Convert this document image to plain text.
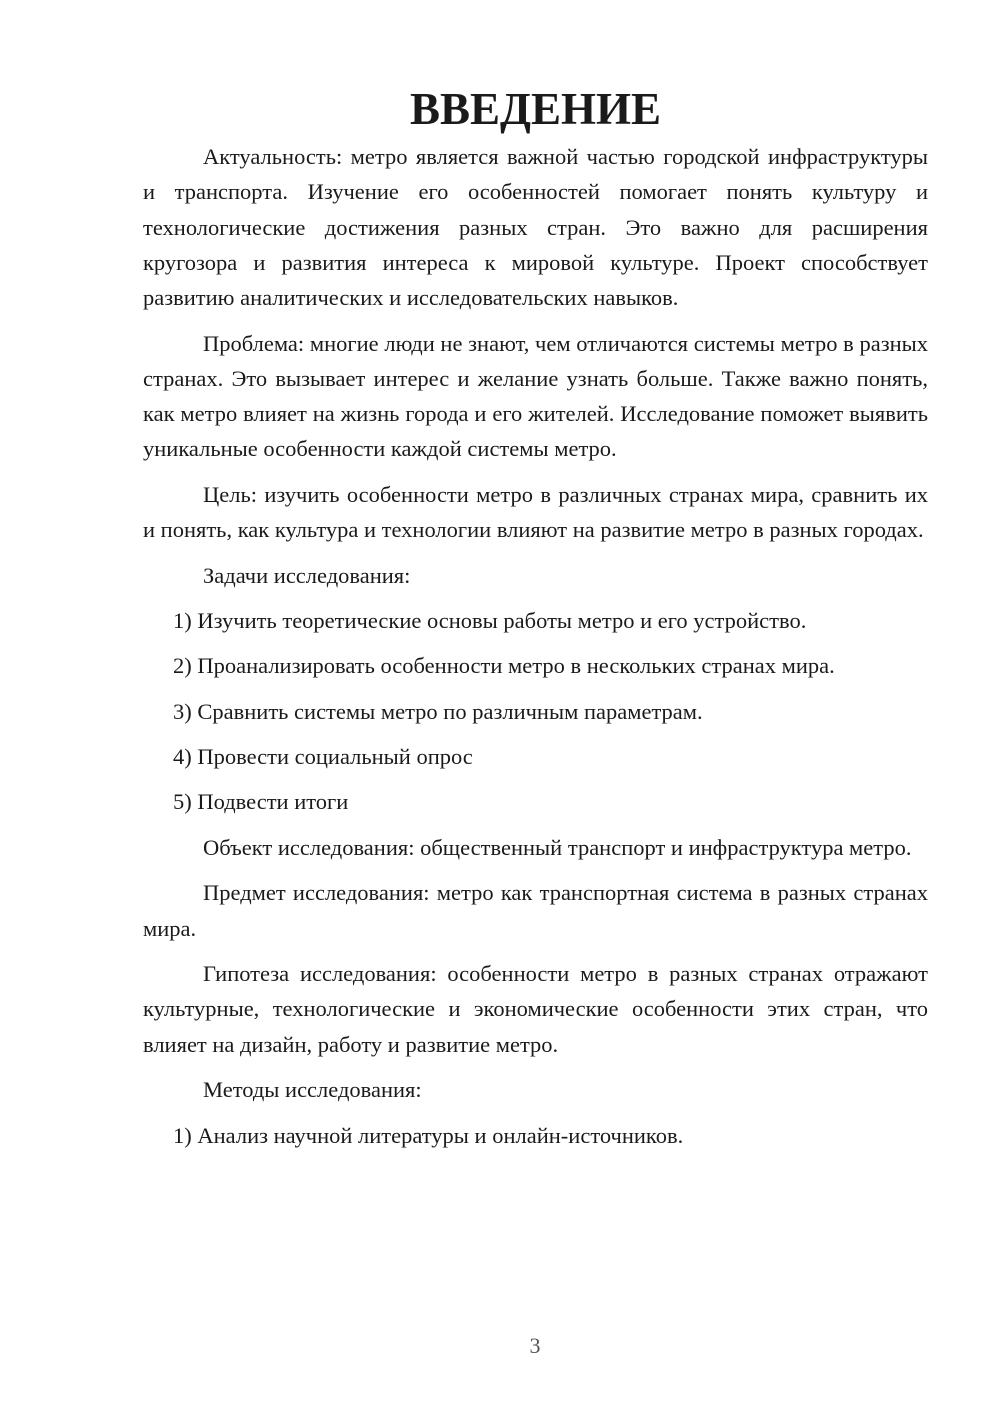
ВВЕДЕНИЕ

Актуальность: метро является важной частью городской инфраструктуры и транспорта. Изучение его особенностей помогает понять культуру и технологические достижения разных стран. Это важно для расширения кругозора и развития интереса к мировой культуре. Проект способствует развитию аналитических и исследовательских навыков.

Проблема: многие люди не знают, чем отличаются системы метро в разных странах. Это вызывает интерес и желание узнать больше. Также важно понять, как метро влияет на жизнь города и его жителей. Исследование поможет выявить уникальные особенности каждой системы метро.

Цель: изучить особенности метро в различных странах мира, сравнить их и понять, как культура и технологии влияют на развитие метро в разных городах.

Задачи исследования:

1) Изучить теоретические основы работы метро и его устройство.

2) Проанализировать особенности метро в нескольких странах мира.

3) Сравнить системы метро по различным параметрам.

4) Провести социальный опрос

5) Подвести итоги

Объект исследования: общественный транспорт и инфраструктура метро.

Предмет исследования: метро как транспортная система в разных странах мира.

Гипотеза исследования: особенности метро в разных странах отражают культурные, технологические и экономические особенности этих стран, что влияет на дизайн, работу и развитие метро.

Методы исследования:

1) Анализ научной литературы и онлайн-источников.

3
